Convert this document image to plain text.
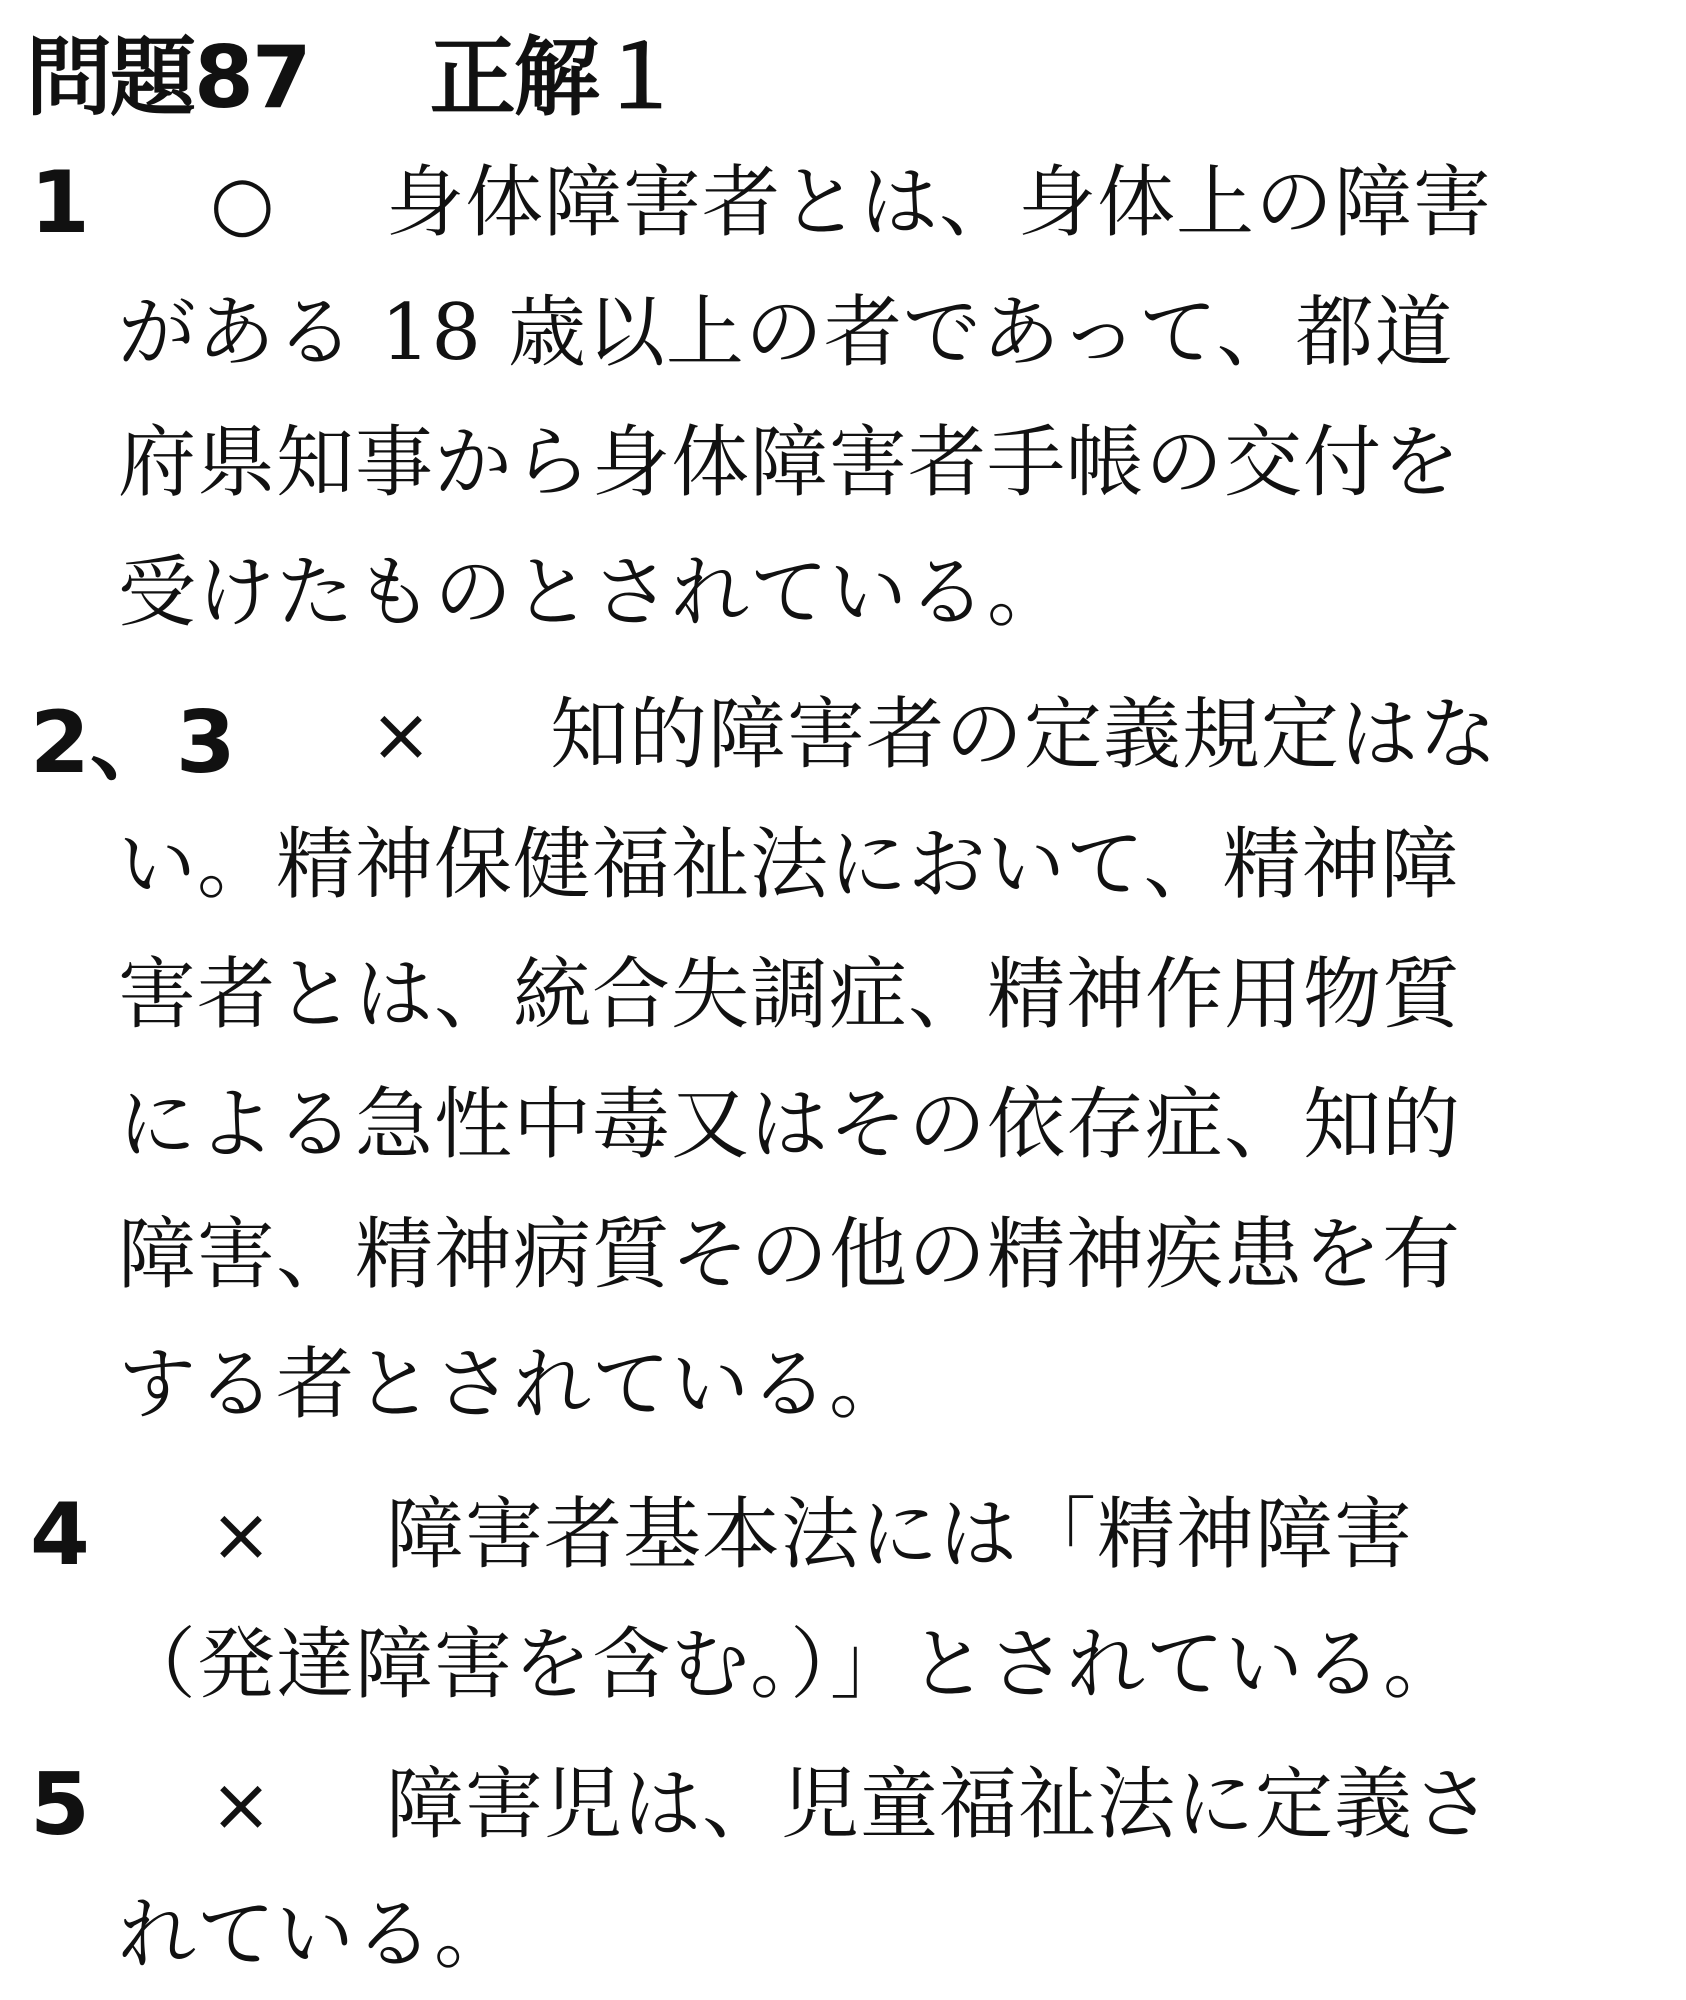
問題87 正解１
1 ○ 身体障害者とは、身体上の障害
がある 18 歳以上の者であって、都道
府県知事から身体障害者手帳の交付を
受けたものとされている。
2、3 × 知的障害者の定義規定はな
い。精神保健福祉法において、精神障
害者とは、統合失調症、精神作用物質
による急性中毒又はその依存症、知的
障害、精神病質その他の精神疾患を有
する者とされている。
4 × 障害者基本法には「精神障害
（発達障害を含む。）」とされている。
5 × 障害児は、児童福祉法に定義さ
れている。
